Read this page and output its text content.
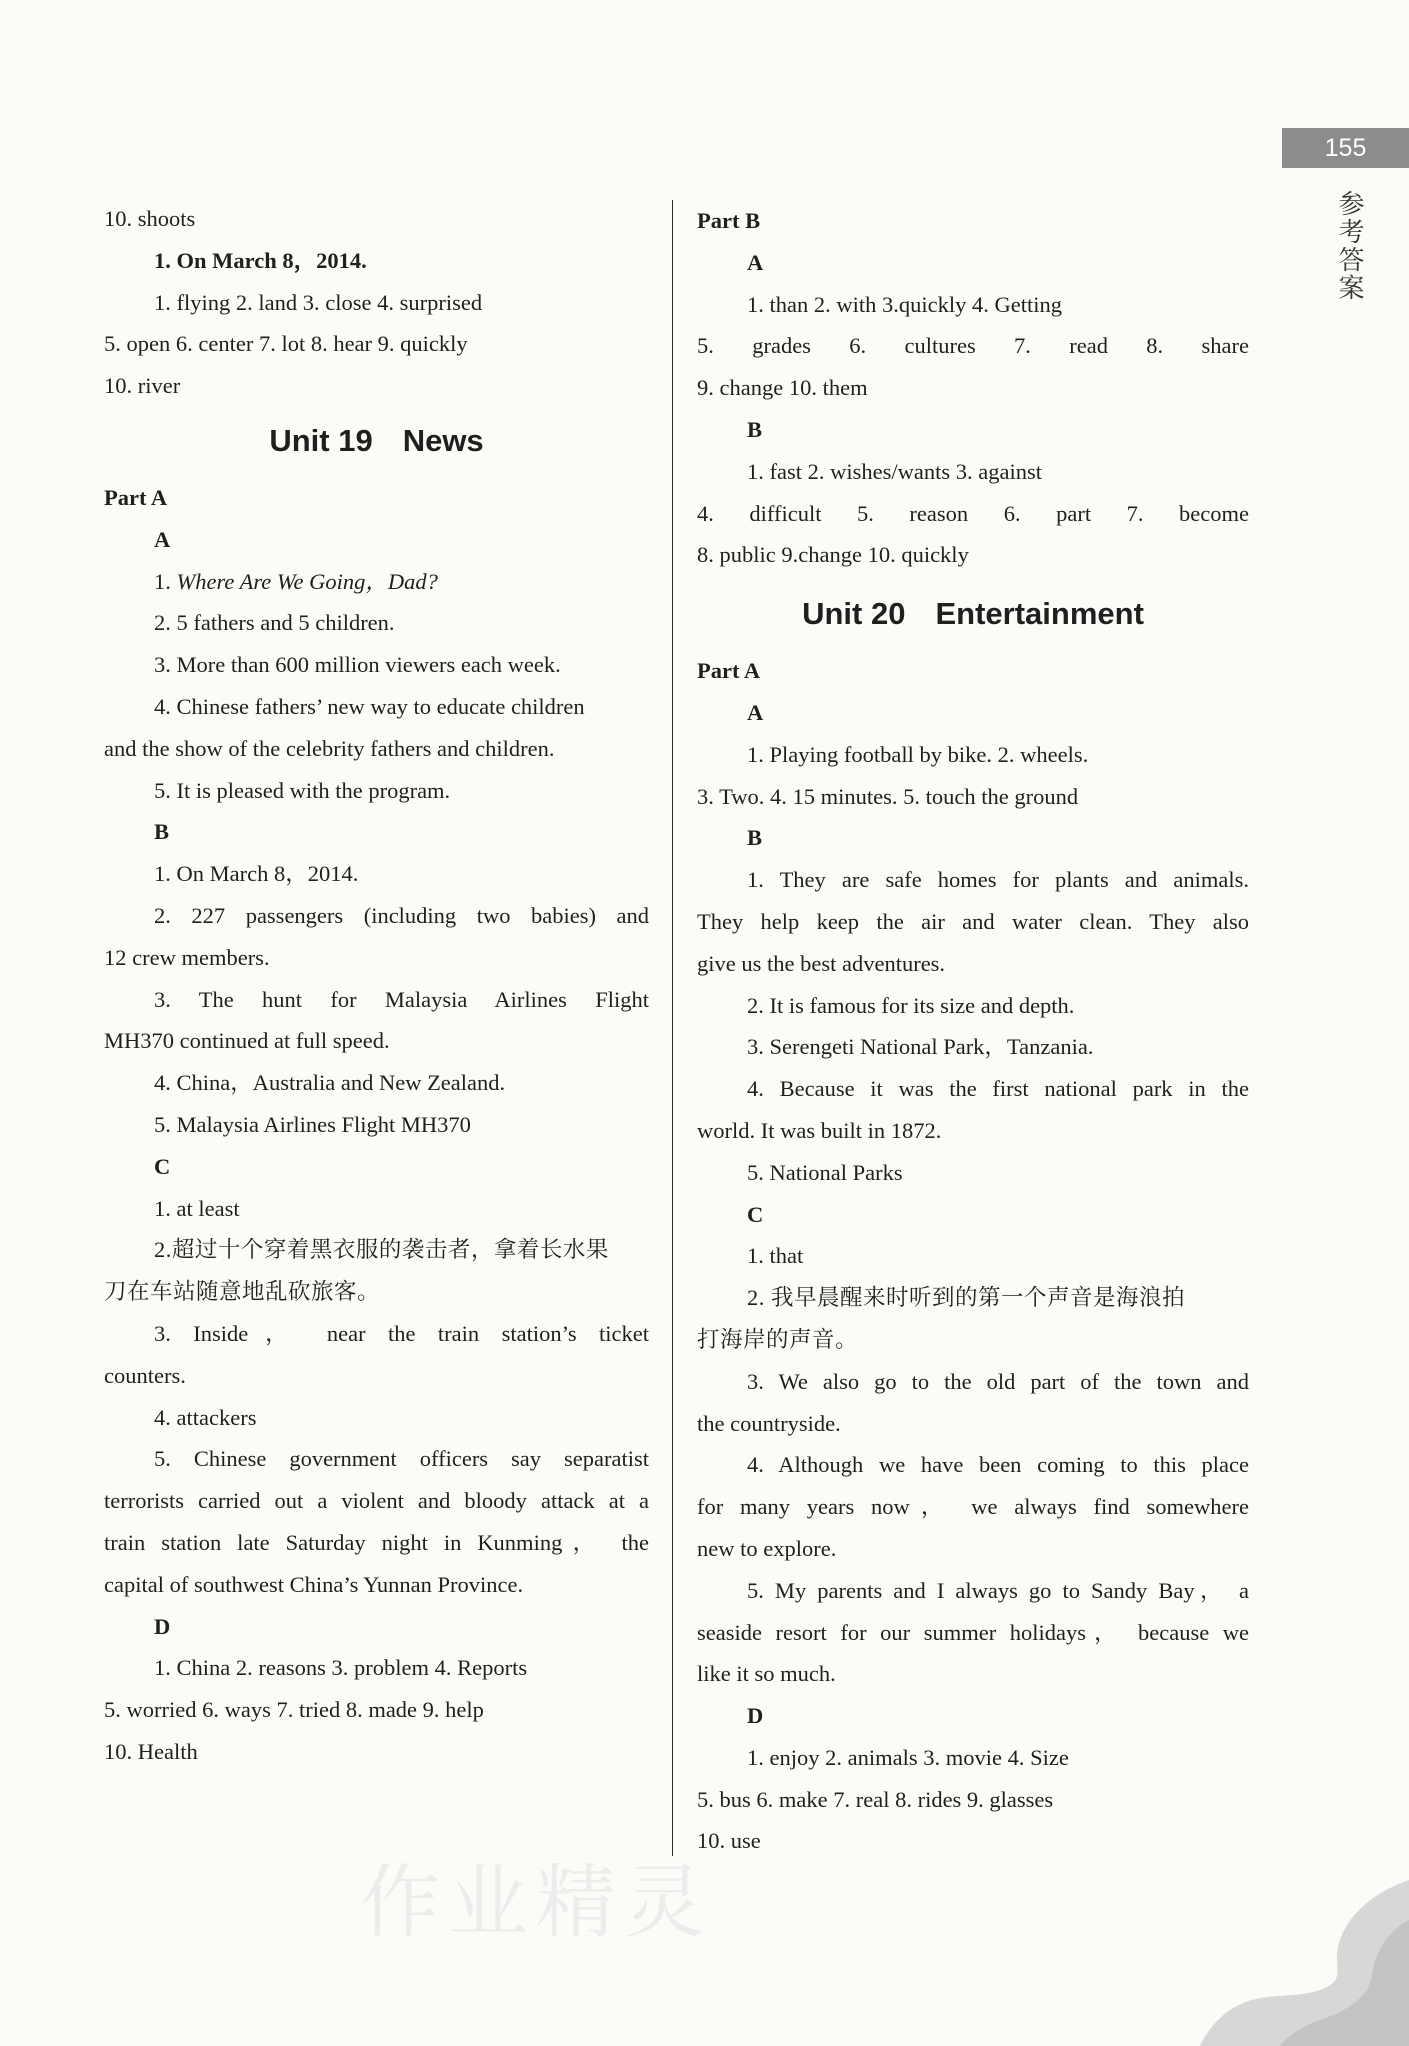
155
参考答案

10. shoots

1. On March 8，2014.

1. flying 2. land 3. close 4. surprised

5. open 6. center 7. lot 8. hear 9. quickly

10. river

Unit 19 News

Part A

A

1. Where Are We Going，Dad?

2. 5 fathers and 5 children.

3. More than 600 million viewers each week.

4. Chinese fathers’ new way to educate children

and the show of the celebrity fathers and children.

5. It is pleased with the program.

B

1. On March 8，2014.

2. 227 passengers (including two babies) and

12 crew members.

3. The hunt for Malaysia Airlines Flight

MH370 continued at full speed.

4. China，Australia and New Zealand.

5. Malaysia Airlines Flight MH370

C

1. at least

2.超过十个穿着黑衣服的袭击者，拿着长水果

刀在车站随意地乱砍旅客。

3. Inside， near the train station’s ticket

counters.

4. attackers

5. Chinese government officers say separatist

terrorists carried out a violent and bloody attack at a

train station late Saturday night in Kunming， the

capital of southwest China’s Yunnan Province.

D

1. China 2. reasons 3. problem 4. Reports

5. worried 6. ways 7. tried 8. made 9. help

10. Health

Part B

A

1. than 2. with 3.quickly 4. Getting

5. grades 6. cultures 7. read 8. share

9. change 10. them

B

1. fast 2. wishes/wants 3. against

4. difficult 5. reason 6. part 7. become

8. public 9.change 10. quickly

Unit 20 Entertainment

Part A

A

1. Playing football by bike. 2. wheels.

3. Two. 4. 15 minutes. 5. touch the ground

B

1. They are safe homes for plants and animals.

They help keep the air and water clean. They also

give us the best adventures.

2. It is famous for its size and depth.

3. Serengeti National Park，Tanzania.

4. Because it was the first national park in the

world. It was built in 1872.

5. National Parks

C

1. that

2. 我早晨醒来时听到的第一个声音是海浪拍

打海岸的声音。

3. We also go to the old part of the town and

the countryside.

4. Although we have been coming to this place

for many years now， we always find somewhere

new to explore.

5. My parents and I always go to Sandy Bay， a

seaside resort for our summer holidays， because we

like it so much.

D

1. enjoy 2. animals 3. movie 4. Size

5. bus 6. make 7. real 8. rides 9. glasses

10. use

作业精灵
